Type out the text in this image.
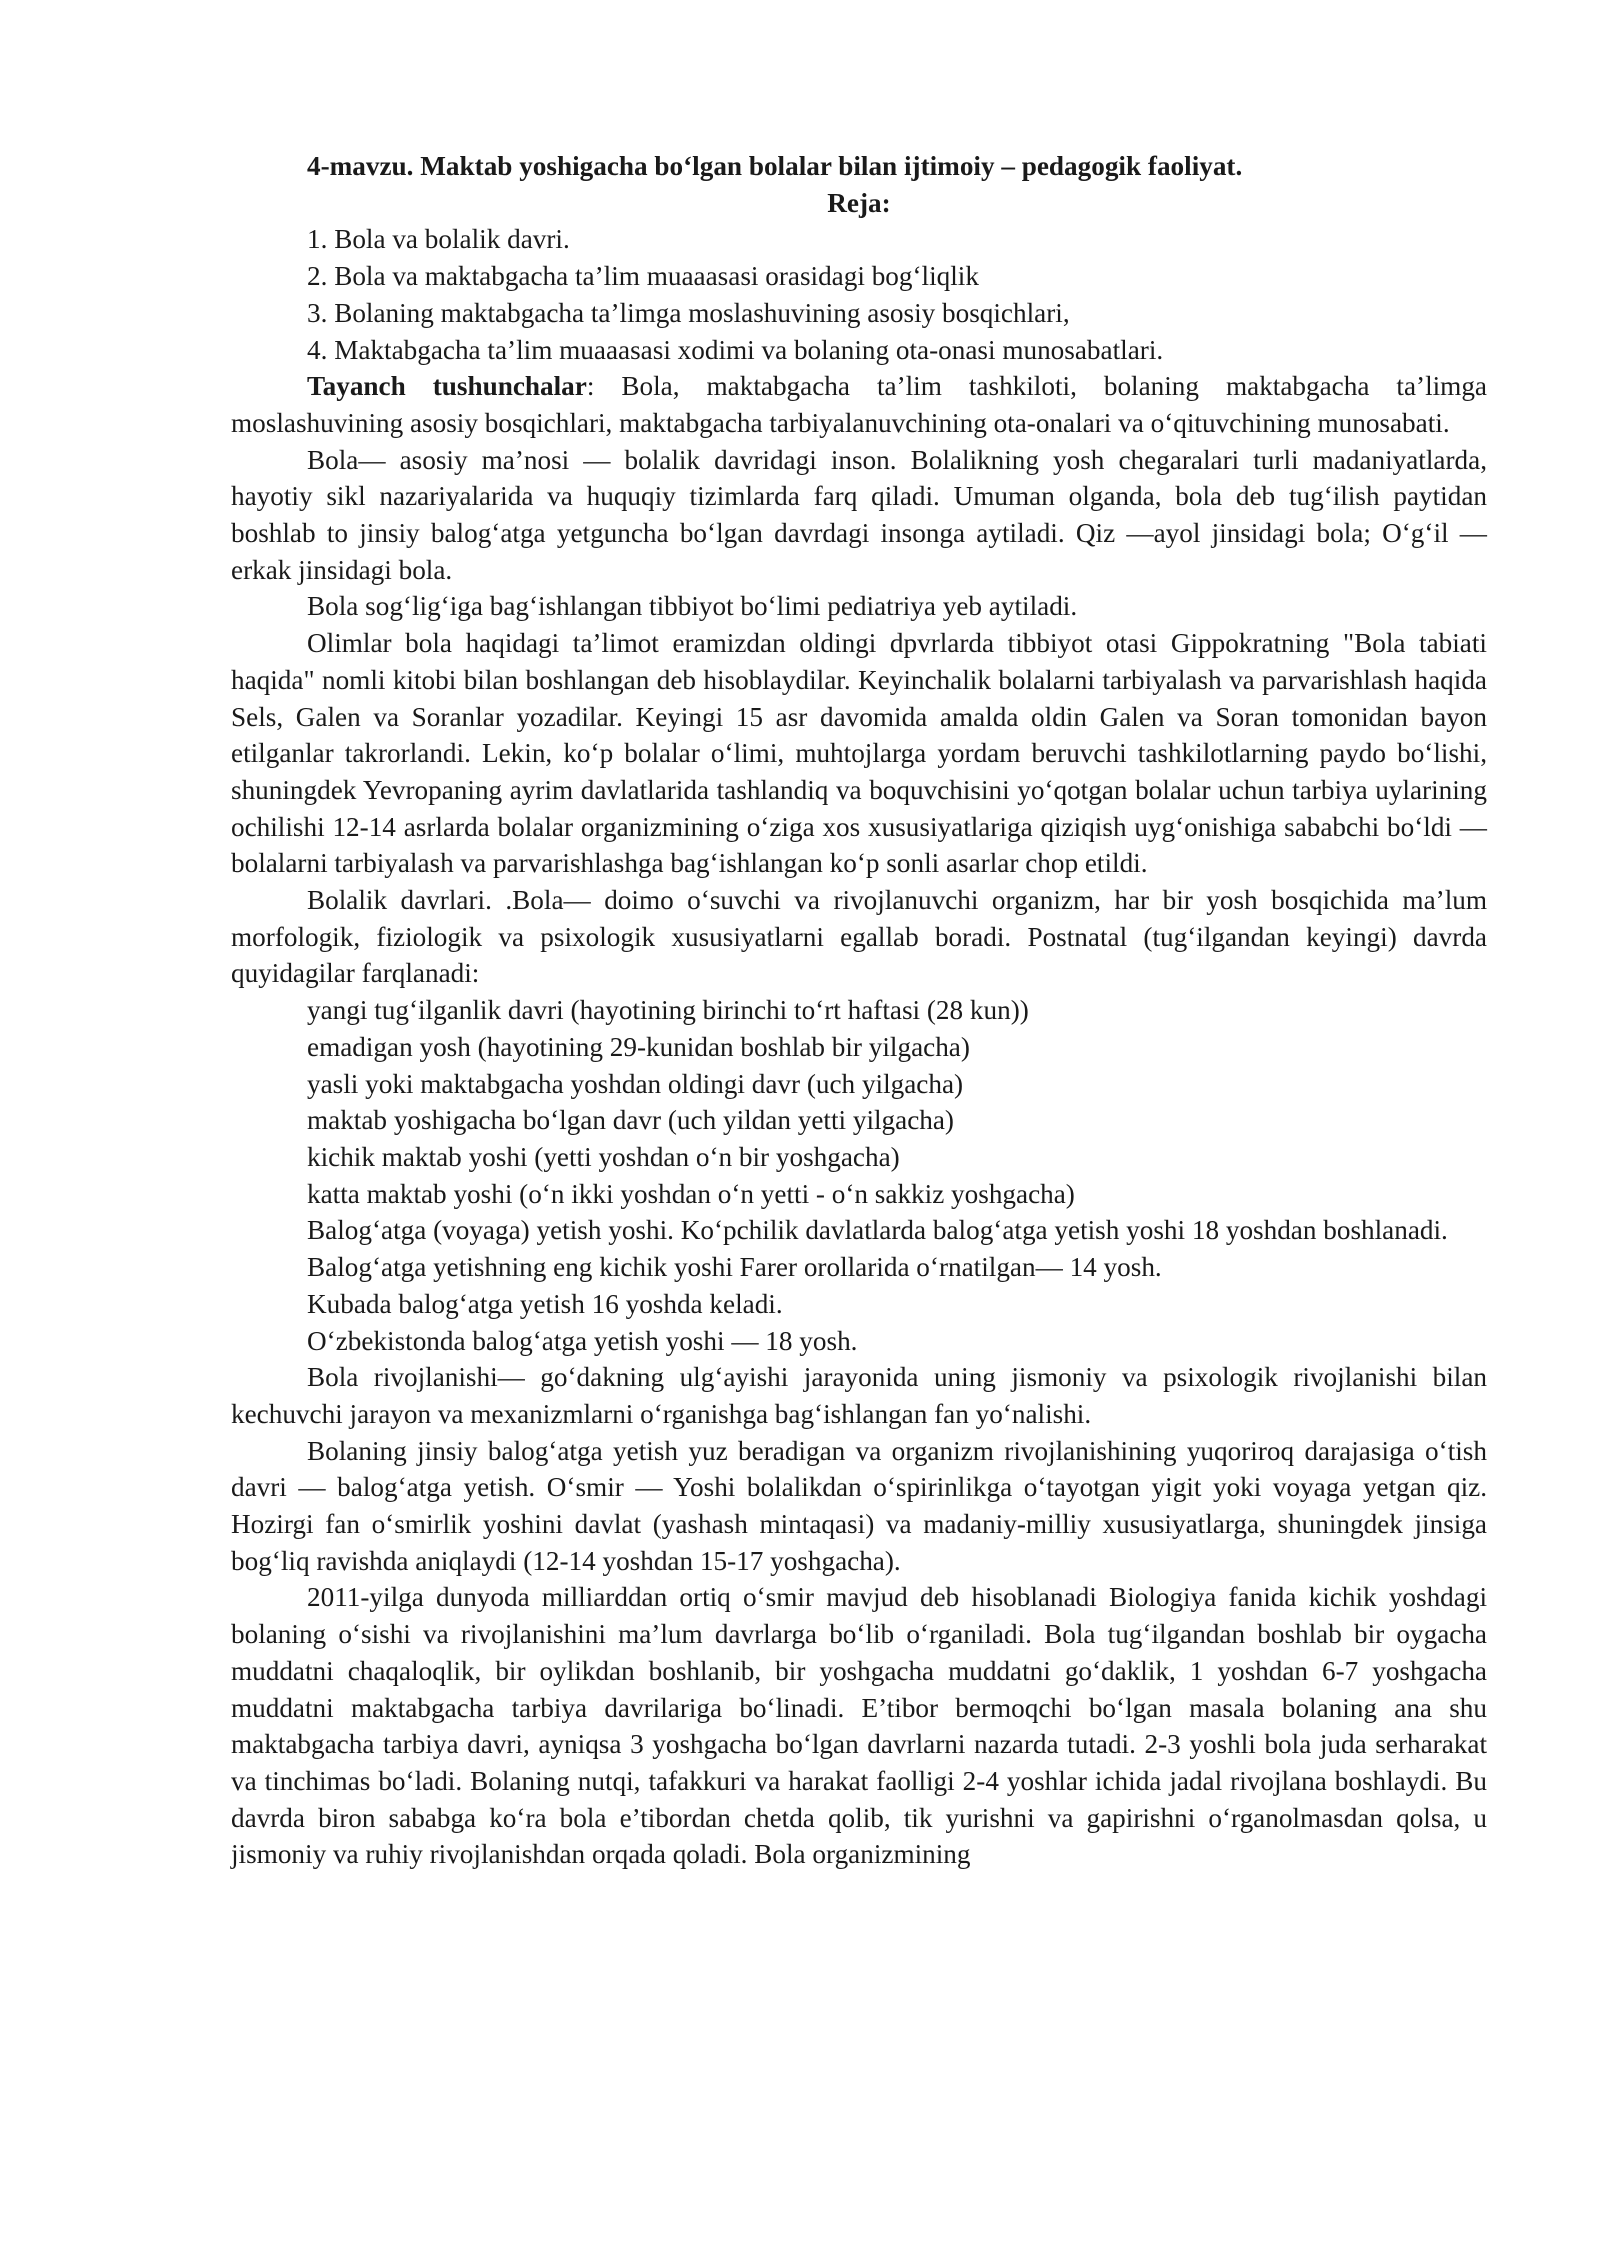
4-mavzu. Maktab yoshigacha bo‘lgan bolalar bilan ijtimoiy – pedagogik faoliyat.

Reja:

1. Bola va bolalik davri.

2. Bola va maktabgacha ta’lim muaaasasi orasidagi bog‘liqlik

3. Bolaning maktabgacha ta’limga moslashuvining asosiy bosqichlari,

4. Maktabgacha ta’lim muaaasasi xodimi va bolaning ota-onasi munosabatlari.

Tayanch tushunchalar: Bola, maktabgacha ta’lim tashkiloti, bolaning maktabgacha ta’limga moslashuvining asosiy bosqichlari, maktabgacha tarbiyalanuvchining ota-onalari va o‘qituvchining munosabati.

Bola— asosiy ma’nosi — bolalik davridagi inson. Bolalikning yosh chegaralari turli madaniyatlarda, hayotiy sikl nazariyalarida va huquqiy tizimlarda farq qiladi. Umuman olganda, bola deb tug‘ilish paytidan boshlab to jinsiy balog‘atga yetguncha bo‘lgan davrdagi insonga aytiladi. Qiz —ayol jinsidagi bola; O‘g‘il — erkak jinsidagi bola.

Bola sog‘lig‘iga bag‘ishlangan tibbiyot bo‘limi pediatriya yeb aytiladi.

Olimlar bola haqidagi ta’limot eramizdan oldingi dpvrlarda tibbiyot otasi Gippokratning "Bola tabiati haqida" nomli kitobi bilan boshlangan deb hisoblaydilar. Keyinchalik bolalarni tarbiyalash va parvarishlash haqida Sels, Galen va Soranlar yozadilar. Keyingi 15 asr davomida amalda oldin Galen va Soran tomonidan bayon etilganlar takrorlandi. Lekin, ko‘p bolalar o‘limi, muhtojlarga yordam beruvchi tashkilotlarning paydo bo‘lishi, shuningdek Yevropaning ayrim davlatlarida tashlandiq va boquvchisini yo‘qotgan bolalar uchun tarbiya uylarining ochilishi 12-14 asrlarda bolalar organizmining o‘ziga xos xususiyatlariga qiziqish uyg‘onishiga sababchi bo‘ldi — bolalarni tarbiyalash va parvarishlashga bag‘ishlangan ko‘p sonli asarlar chop etildi.

Bolalik davrlari. .Bola— doimo o‘suvchi va rivojlanuvchi organizm, har bir yosh bosqichida ma’lum morfologik, fiziologik va psixologik xususiyatlarni egallab boradi. Postnatal (tug‘ilgandan keyingi) davrda quyidagilar farqlanadi:

yangi tug‘ilganlik davri (hayotining birinchi to‘rt haftasi (28 kun))

emadigan yosh (hayotining 29-kunidan boshlab bir yilgacha)

yasli yoki maktabgacha yoshdan oldingi davr (uch yilgacha)

maktab yoshigacha bo‘lgan davr (uch yildan yetti yilgacha)

kichik maktab yoshi (yetti yoshdan o‘n bir yoshgacha)

katta maktab yoshi (o‘n ikki yoshdan o‘n yetti - o‘n sakkiz yoshgacha)

Balog‘atga (voyaga) yetish yoshi. Ko‘pchilik davlatlarda balog‘atga yetish yoshi 18 yoshdan boshlanadi.

Balog‘atga yetishning eng kichik yoshi Farer orollarida o‘rnatilgan— 14 yosh.

Kubada balog‘atga yetish 16 yoshda keladi.

O‘zbekistonda balog‘atga yetish yoshi — 18 yosh.

Bola rivojlanishi— go‘dakning ulg‘ayishi jarayonida uning jismoniy va psixologik rivojlanishi bilan kechuvchi jarayon va mexanizmlarni o‘rganishga bag‘ishlangan fan yo‘nalishi.

Bolaning jinsiy balog‘atga yetish yuz beradigan va organizm rivojlanishining yuqoriroq darajasiga o‘tish davri — balog‘atga yetish. O‘smir — Yoshi bolalikdan o‘spirinlikga o‘tayotgan yigit yoki voyaga yetgan qiz. Hozirgi fan o‘smirlik yoshini davlat (yashash mintaqasi) va madaniy-milliy xususiyatlarga, shuningdek jinsiga bog‘liq ravishda aniqlaydi (12-14 yoshdan 15-17 yoshgacha).

2011-yilga dunyoda milliarddan ortiq o‘smir mavjud deb hisoblanadi Biologiya fanida kichik yoshdagi bolaning o‘sishi va rivojlanishini ma’lum davrlarga bo‘lib o‘rganiladi. Bola tug‘ilgandan boshlab bir oygacha muddatni chaqaloqlik, bir oylikdan boshlanib, bir yoshgacha muddatni go‘daklik, 1 yoshdan 6-7 yoshgacha muddatni maktabgacha tarbiya davrilariga bo‘linadi. E’tibor bermoqchi bo‘lgan masala bolaning ana shu maktabgacha tarbiya davri, ayniqsa 3 yoshgacha bo‘lgan davrlarni nazarda tutadi. 2-3 yoshli bola juda serharakat va tinchimas bo‘ladi. Bolaning nutqi, tafakkuri va harakat faolligi 2-4 yoshlar ichida jadal rivojlana boshlaydi. Bu davrda biron sababga ko‘ra bola e’tibordan chetda qolib, tik yurishni va gapirishni o‘rganolmasdan qolsa, u jismoniy va ruhiy rivojlanishdan orqada qoladi. Bola organizmining
